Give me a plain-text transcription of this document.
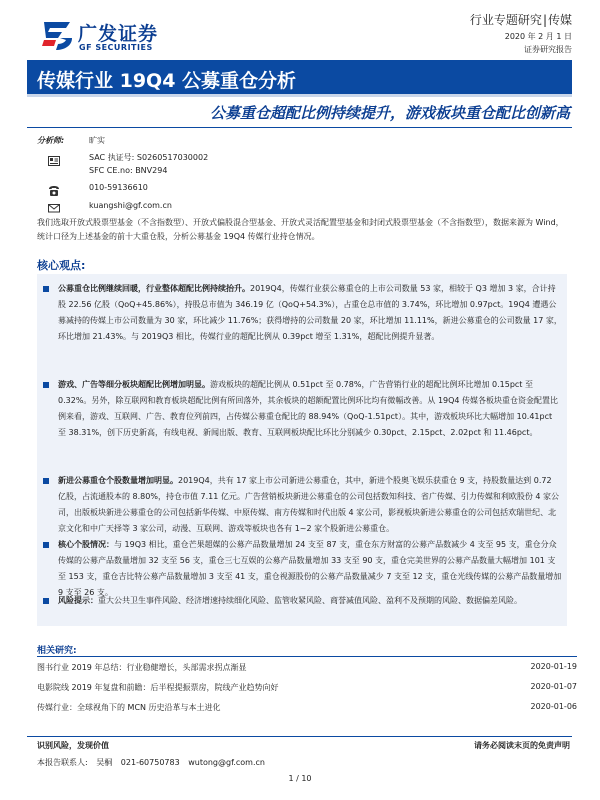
广发证券
GF SECURITIES
行业专题研究|传媒
2020 年 2 月 1 日
证券研究报告
传媒行业 19Q4 公募重仓分析
公募重仓超配比例持续提升，游戏板块重仓配比创新高
分析师:	旷实
SAC 执证号: S0260517030002
SFC CE.no: BNV294
010-59136610
kuangshi@gf.com.cn
我们选取开放式股票型基金（不含指数型）、开放式偏股混合型基金、开放式灵活配置型基金和封闭式股票型基金（不含指数型），数据来源为 Wind，统计口径为上述基金的前十大重仓股，分析公募基金 19Q4 传媒行业持仓情况。
核心观点:
公募重仓比例继续回暖，行业整体超配比例持续抬升。2019Q4，传媒行业获公募重仓的上市公司数量 53 家，相较于 Q3 增加 3 家，合计持股 22.56 亿股（QoQ+45.86%），持股总市值为 346.19 亿（QoQ+54.3%），占重仓总市值的 3.74%，环比增加 0.97pct。19Q4 遭遇公募减持的传媒上市公司数量为 30 家，环比减少 11.76%；获得增持的公司数量 20 家，环比增加 11.11%，新进公募重仓的公司数量 17 家，环比增加 21.43%。与 2019Q3 相比，传媒行业的超配比例从 0.39pct 增至 1.31%，超配比例提升显著。
游戏、广告等细分板块超配比例增加明显。游戏板块的超配比例从 0.51pct 至 0.78%，广告营销行业的超配比例环比增加 0.15pct 至 0.32%。另外，除互联网和教育板块超配比例有所回落外，其余板块的超额配置比例环比均有微幅改善。从 19Q4 传媒各板块重仓资金配置比例来看，游戏、互联网、广告、教育位列前四，占传媒公募重仓配比的 88.94%（QoQ-1.51pct）。其中，游戏板块环比大幅增加 10.41pct 至 38.31%，创下历史新高，有线电视、新闻出版、教育、互联网板块配比环比分别减少 0.30pct、2.15pct、2.02pct 和 11.46pct。
新进公募重仓个股数量增加明显。2019Q4，共有 17 家上市公司新进公募重仓，其中，新进个股奥飞娱乐获重仓 9 支，持股数量达到 0.72 亿股，占流通股本的 8.80%，持仓市值 7.11 亿元。广告营销板块新进公募重仓的公司包括数知科技、省广传媒、引力传媒和利欧股份 4 家公司，出版板块新进公募重仓的公司包括新华传媒、中原传媒、南方传媒和时代出版 4 家公司，影视板块新进公募重仓的公司包括欢瑞世纪、北京文化和中广天择等 3 家公司，动漫、互联网、游戏等板块也各有 1~2 家个股新进公募重仓。
核心个股情况：与 19Q3 相比，重仓芒果超媒的公募产品数量增加 24 支至 87 支，重仓东方财富的公募产品数减少 4 支至 95 支，重仓分众传媒的公募产品数量增加 32 支至 56 支，重仓三七互娱的公募产品数量增加 33 支至 90 支，重仓完美世界的公募产品数量大幅增加 101 支至 153 支，重仓吉比特公募产品数量增加 3 支至 41 支，重仓视源股份的公募产品数量减少 7 支至 12 支，重仓光线传媒的公募产品数量增加 9 支至 26 支。
风险提示：重大公共卫生事件风险、经济增速持续细化风险、监管收紧风险、商誉减值风险、盈利不及预期的风险、数据偏差风险。
相关研究:
图书行业 2019 年总结：行业稳健增长，头部需求拐点渐显	2020-01-19
电影院线 2019 年复盘和前瞻：后半程提振票房，院线产业趋势向好	2020-01-07
传媒行业：全球视角下的 MCN 历史沿革与本土进化	2020-01-06
识别风险，发现价值	请务必阅读末页的免责声明
本报告联系人: 吴桐 021-60750783 wutong@gf.com.cn
1 / 10
